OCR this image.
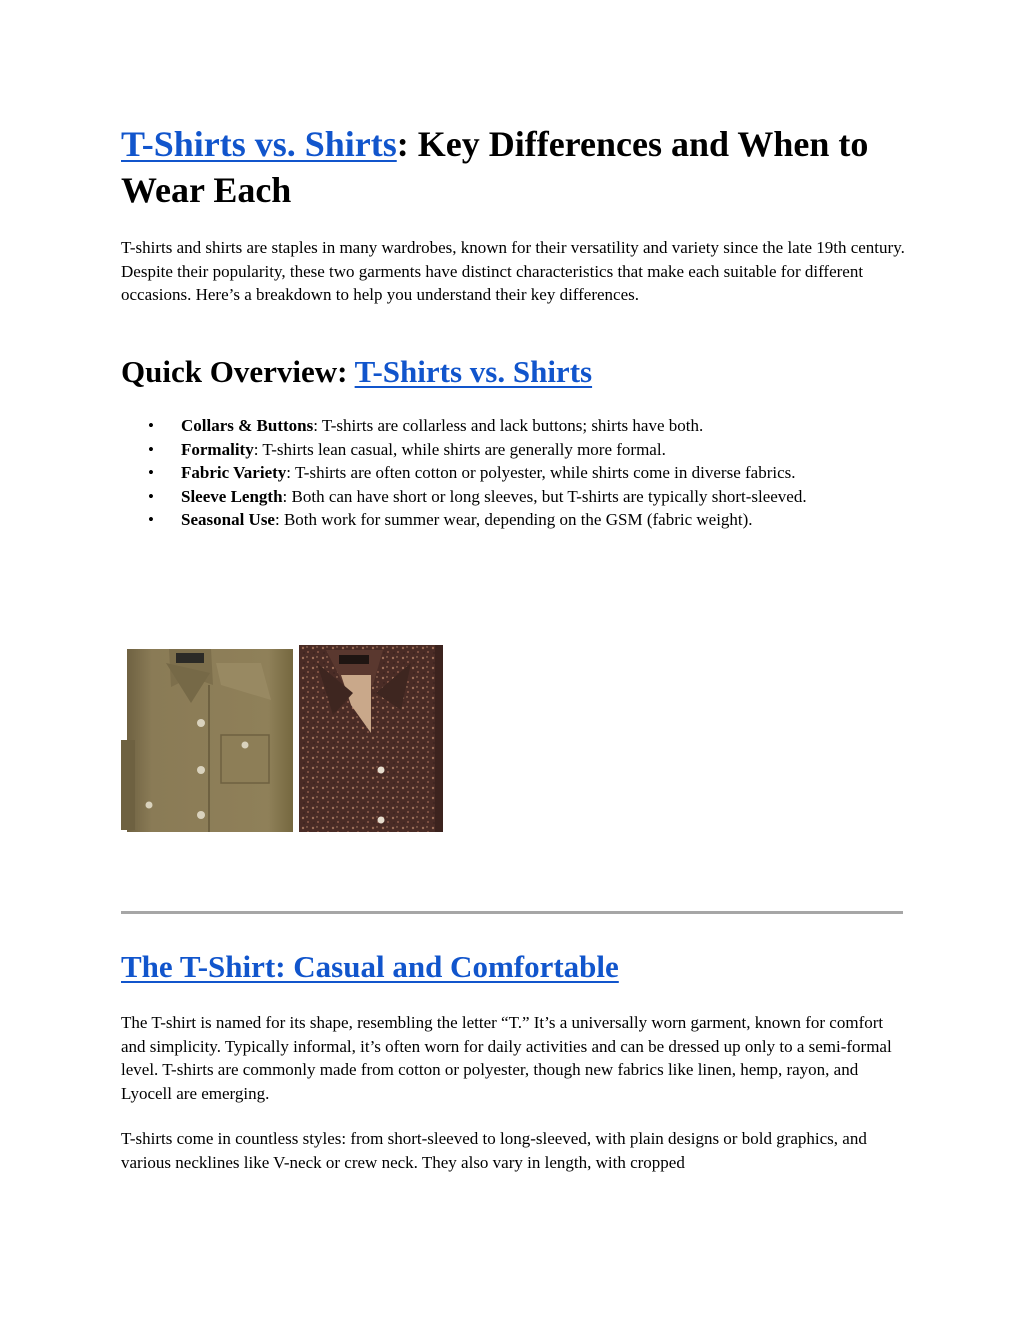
T-Shirts vs. Shirts: Key Differences and When to Wear Each

T-shirts and shirts are staples in many wardrobes, known for their versatility and variety since the late 19th century. Despite their popularity, these two garments have distinct characteristics that make each suitable for different occasions. Here’s a breakdown to help you understand their key differences.

Quick Overview: T-Shirts vs. Shirts
• Collars & Buttons: T-shirts are collarless and lack buttons; shirts have both.
• Formality: T-shirts lean casual, while shirts are generally more formal.
• Fabric Variety: T-shirts are often cotton or polyester, while shirts come in diverse fabrics.
• Sleeve Length: Both can have short or long sleeves, but T-shirts are typically short-sleeved.
• Seasonal Use: Both work for summer wear, depending on the GSM (fabric weight).
The T-Shirt: Casual and Comfortable

The T-shirt is named for its shape, resembling the letter “T.” It’s a universally worn garment, known for comfort and simplicity. Typically informal, it’s often worn for daily activities and can be dressed up only to a semi-formal level. T-shirts are commonly made from cotton or polyester, though new fabrics like linen, hemp, rayon, and Lyocell are emerging.

T-shirts come in countless styles: from short-sleeved to long-sleeved, with plain designs or bold graphics, and various necklines like V-neck or crew neck. They also vary in length, with cropped
